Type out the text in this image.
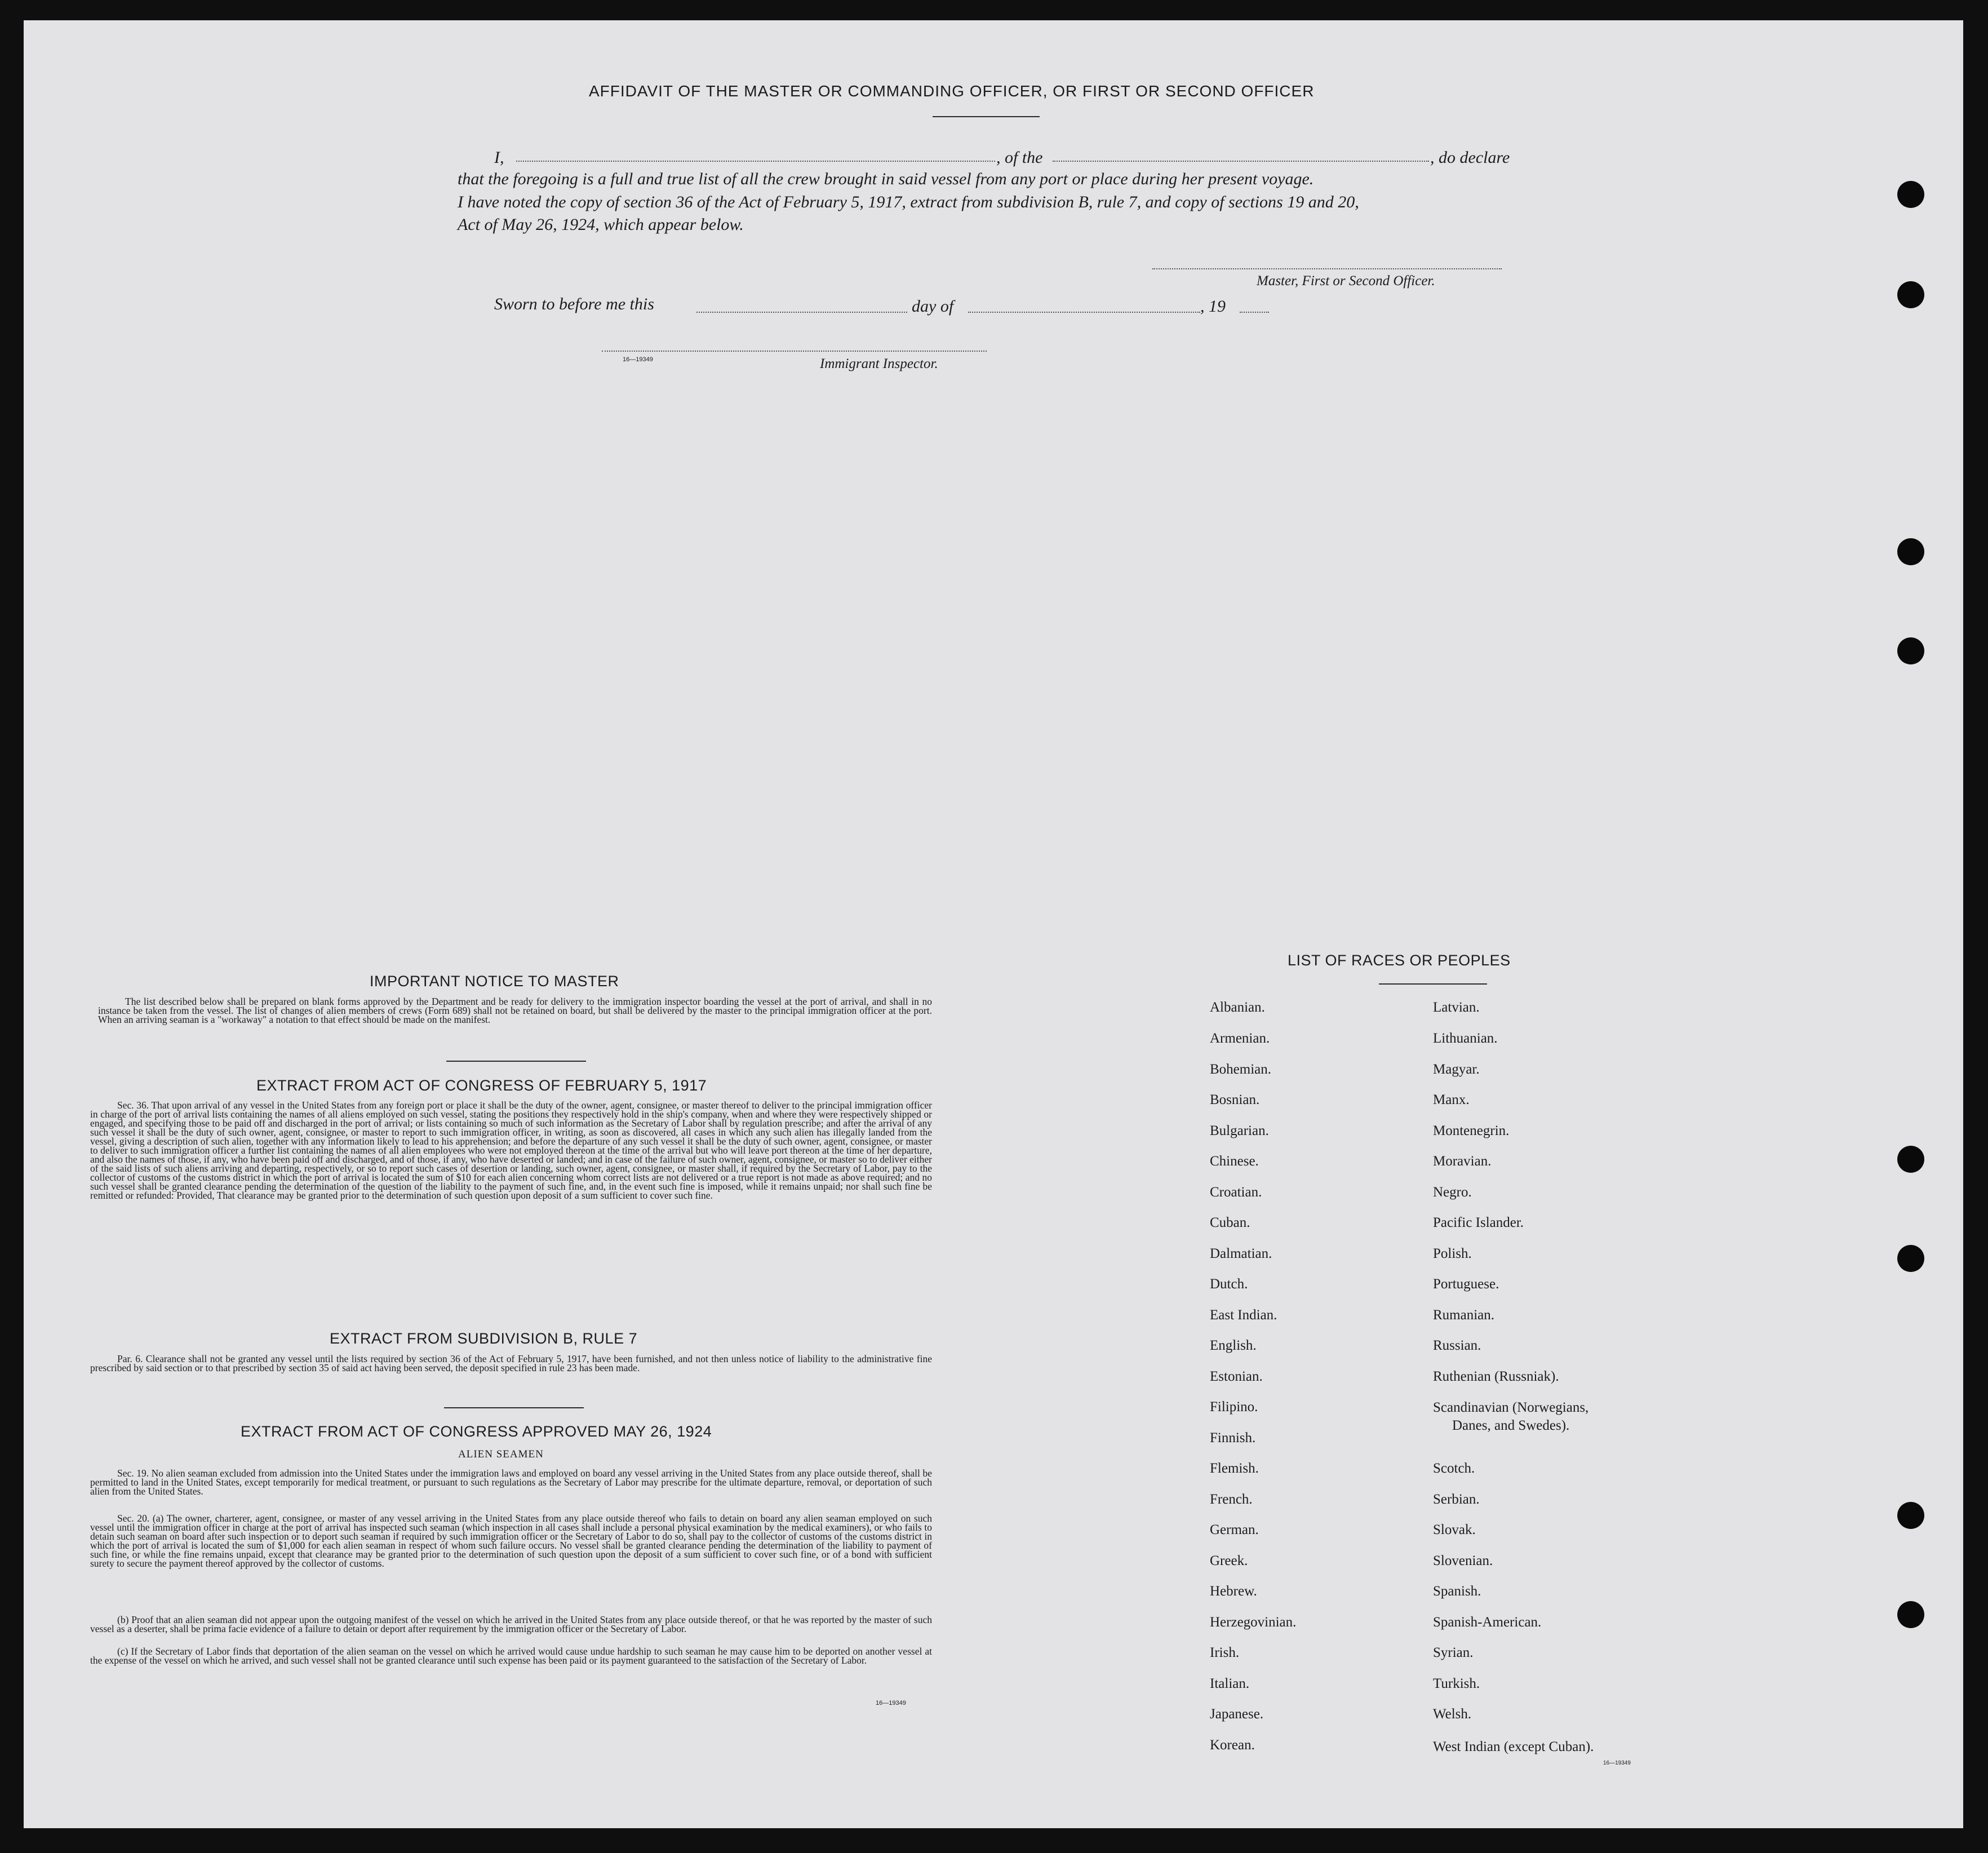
AFFIDAVIT OF THE MASTER OR COMMANDING OFFICER, OR FIRST OR SECOND OFFICER
I,	, of the	, do declare
that the foregoing is a full and true list of all the crew brought in said vessel from any port or place during her present voyage.
I have noted the copy of section 36 of the Act of February 5, 1917, extract from subdivision B, rule 7, and copy of sections 19 and 20,
Act of May 26, 1924, which appear below.
Master, First or Second Officer.
Sworn to before me this	day of	, 19
16—19349	Immigrant Inspector.
IMPORTANT NOTICE TO MASTER

The list described below shall be prepared on blank forms approved by the Department and be ready for delivery to the immigration inspector boarding the vessel at the port of arrival, and shall in no instance be taken from the vessel. The list of changes of alien members of crews (Form 689) shall not be retained on board, but shall be delivered by the master to the principal immigration officer at the port. When an arriving seaman is a "workaway" a notation to that effect should be made on the manifest.

EXTRACT FROM ACT OF CONGRESS OF FEBRUARY 5, 1917

Sec. 36. That upon arrival of any vessel in the United States from any foreign port or place it shall be the duty of the owner, agent, consignee, or master thereof to deliver to the principal immigration officer in charge of the port of arrival lists containing the names of all aliens employed on such vessel, stating the positions they respectively hold in the ship's company, when and where they were respectively shipped or engaged, and specifying those to be paid off and discharged in the port of arrival; or lists containing so much of such information as the Secretary of Labor shall by regulation prescribe; and after the arrival of any such vessel it shall be the duty of such owner, agent, consignee, or master to report to such immigration officer, in writing, as soon as discovered, all cases in which any such alien has illegally landed from the vessel, giving a description of such alien, together with any information likely to lead to his apprehension; and before the departure of any such vessel it shall be the duty of such owner, agent, consignee, or master to deliver to such immigration officer a further list containing the names of all alien employees who were not employed thereon at the time of the arrival but who will leave port thereon at the time of her departure, and also the names of those, if any, who have been paid off and discharged, and of those, if any, who have deserted or landed; and in case of the failure of such owner, agent, consignee, or master so to deliver either of the said lists of such aliens arriving and departing, respectively, or so to report such cases of desertion or landing, such owner, agent, consignee, or master shall, if required by the Secretary of Labor, pay to the collector of customs of the customs district in which the port of arrival is located the sum of $10 for each alien concerning whom correct lists are not delivered or a true report is not made as above required; and no such vessel shall be granted clearance pending the determination of the question of the liability to the payment of such fine, and, in the event such fine is imposed, while it remains unpaid; nor shall such fine be remitted or refunded: Provided, That clearance may be granted prior to the determination of such question upon deposit of a sum sufficient to cover such fine.

EXTRACT FROM SUBDIVISION B, RULE 7

Par. 6. Clearance shall not be granted any vessel until the lists required by section 36 of the Act of February 5, 1917, have been furnished, and not then unless notice of liability to the administrative fine prescribed by said section or to that prescribed by section 35 of said act having been served, the deposit specified in rule 23 has been made.

EXTRACT FROM ACT OF CONGRESS APPROVED MAY 26, 1924
ALIEN SEAMEN

Sec. 19. No alien seaman excluded from admission into the United States under the immigration laws and employed on board any vessel arriving in the United States from any place outside thereof, shall be permitted to land in the United States, except temporarily for medical treatment, or pursuant to such regulations as the Secretary of Labor may prescribe for the ultimate departure, removal, or deportation of such alien from the United States.

Sec. 20. (a) The owner, charterer, agent, consignee, or master of any vessel arriving in the United States from any place outside thereof who fails to detain on board any alien seaman employed on such vessel until the immigration officer in charge at the port of arrival has inspected such seaman (which inspection in all cases shall include a personal physical examination by the medical examiners), or who fails to detain such seaman on board after such inspection or to deport such seaman if required by such immigration officer or the Secretary of Labor to do so, shall pay to the collector of customs of the customs district in which the port of arrival is located the sum of $1,000 for each alien seaman in respect of whom such failure occurs. No vessel shall be granted clearance pending the determination of the liability to payment of such fine, or while the fine remains unpaid, except that clearance may be granted prior to the determination of such question upon the deposit of a sum sufficient to cover such fine, or of a bond with sufficient surety to secure the payment thereof approved by the collector of customs.

(b) Proof that an alien seaman did not appear upon the outgoing manifest of the vessel on which he arrived in the United States from any place outside thereof, or that he was reported by the master of such vessel as a deserter, shall be prima facie evidence of a failure to detain or deport after requirement by the immigration officer or the Secretary of Labor.

(c) If the Secretary of Labor finds that deportation of the alien seaman on the vessel on which he arrived would cause undue hardship to such seaman he may cause him to be deported on another vessel at the expense of the vessel on which he arrived, and such vessel shall not be granted clearance until such expense has been paid or its payment guaranteed to the satisfaction of the Secretary of Labor.

16—19349
LIST OF RACES OR PEOPLES
Albanian.
Armenian.
Bohemian.
Bosnian.
Bulgarian.
Chinese.
Croatian.
Cuban.
Dalmatian.
Dutch.
East Indian.
English.
Estonian.
Filipino.
Finnish.
Flemish.
French.
German.
Greek.
Hebrew.
Herzegovinian.
Irish.
Italian.
Japanese.
Korean.
Latvian.
Lithuanian.
Magyar.
Manx.
Montenegrin.
Moravian.
Negro.
Pacific Islander.
Polish.
Portuguese.
Rumanian.
Russian.
Ruthenian (Russniak).
Scandinavian (Norwegians,
Danes, and Swedes).
Scotch.
Serbian.
Slovak.
Slovenian.
Spanish.
Spanish-American.
Syrian.
Turkish.
Welsh.
West Indian (except Cuban).
16—19349
